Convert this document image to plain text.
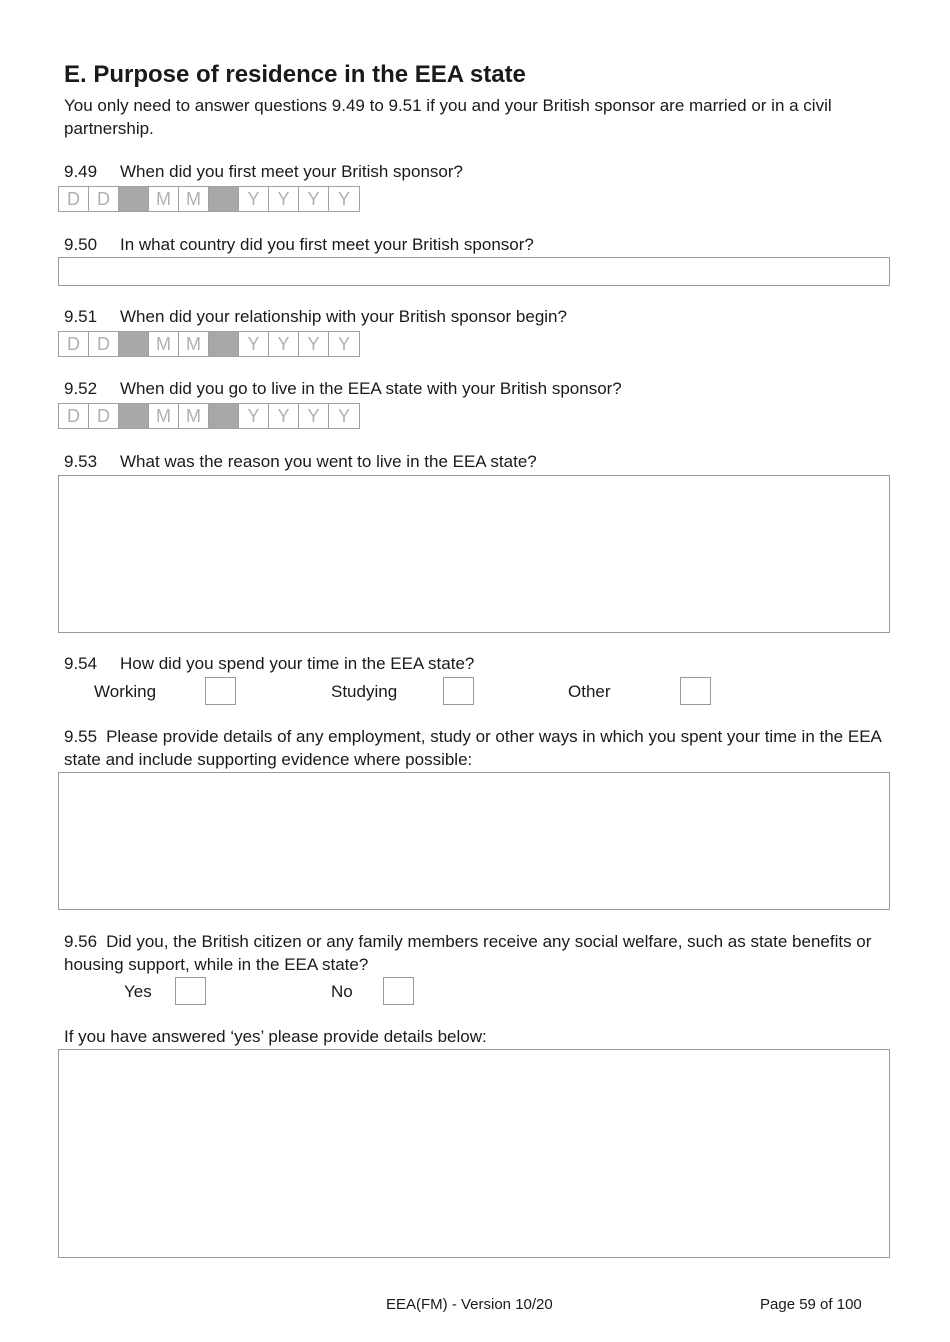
E. Purpose of residence in the EEA state

You only need to answer questions 9.49 to 9.51 if you and your British sponsor are married or in a civil partnership.

9.49 When did you first meet your British sponsor?

D D	M M	Y Y Y	Y

9.50 In what country did you first meet your British sponsor?

9.51 When did your relationship with your British sponsor begin?

D D	M M	Y Y Y	Y

9.52 When did you go to live in the EEA state with your British sponsor?

D D	M M	Y Y Y	Y

9.53 What was the reason you went to live in the EEA state?

9.54 How did you spend your time in the EEA state?

Working	Studying	Other

9.55 Please provide details of any employment, study or other ways in which you spent your time in the EEA state and include supporting evidence where possible:

9.56 Did you, the British citizen or any family members receive any social welfare, such as state benefits or housing support, while in the EEA state?

Yes	No

If you have answered ‘yes’ please provide details below:

EEA(FM) - Version 10/20	Page 59 of 100
